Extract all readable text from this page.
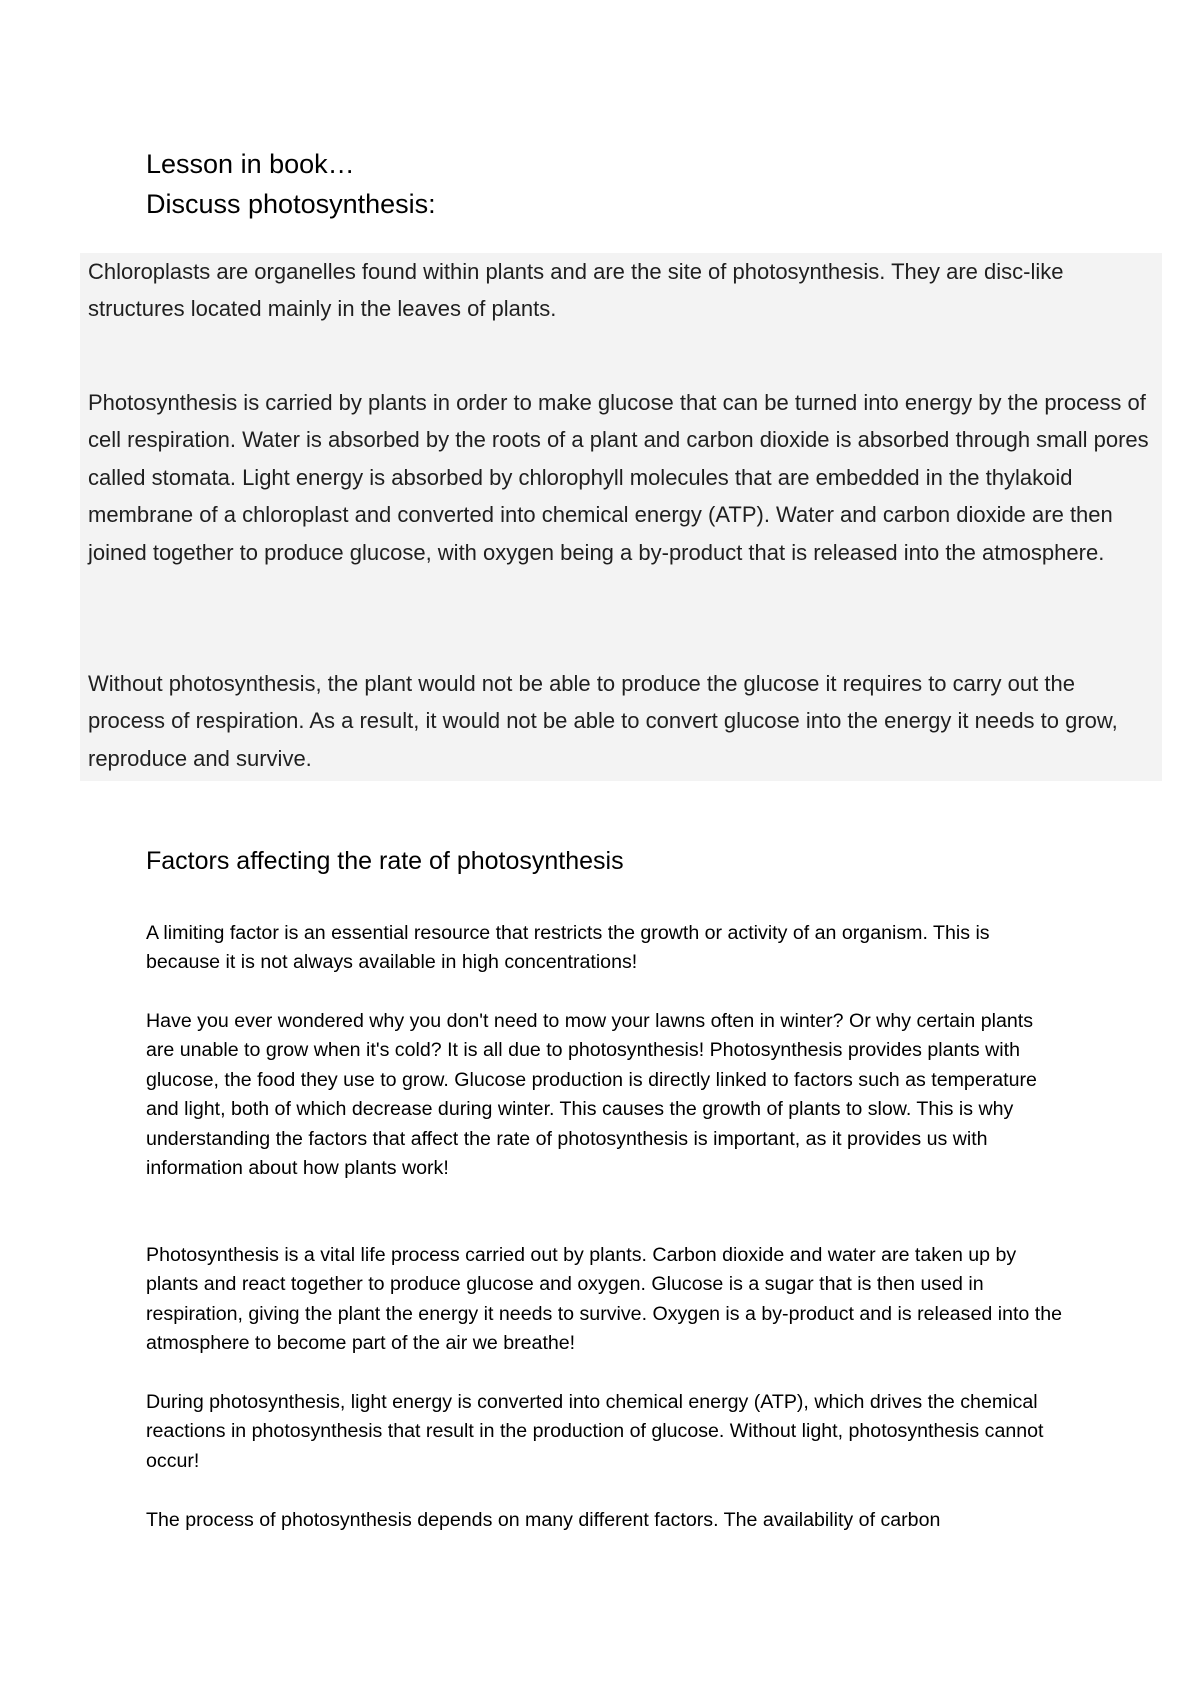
Lesson in book…

Discuss photosynthesis:

Chloroplasts are organelles found within plants and are the site of photosynthesis. They are disc-like structures located mainly in the leaves of plants.

Photosynthesis is carried by plants in order to make glucose that can be turned into energy by the process of cell respiration. Water is absorbed by the roots of a plant and carbon dioxide is absorbed through small pores called stomata. Light energy is absorbed by chlorophyll molecules that are embedded in the thylakoid membrane of a chloroplast and converted into chemical energy (ATP). Water and carbon dioxide are then joined together to produce glucose, with oxygen being a by-product that is released into the atmosphere.

Without photosynthesis, the plant would not be able to produce the glucose it requires to carry out the process of respiration. As a result, it would not be able to convert glucose into the energy it needs to grow, reproduce and survive.

Factors affecting the rate of photosynthesis

A limiting factor is an essential resource that restricts the growth or activity of an organism. This is because it is not always available in high concentrations!

Have you ever wondered why you don't need to mow your lawns often in winter? Or why certain plants are unable to grow when it's cold? It is all due to photosynthesis! Photosynthesis provides plants with glucose, the food they use to grow. Glucose production is directly linked to factors such as temperature and light, both of which decrease during winter. This causes the growth of plants to slow. This is why understanding the factors that affect the rate of photosynthesis is important, as it provides us with information about how plants work!

Photosynthesis is a vital life process carried out by plants. Carbon dioxide and water are taken up by plants and react together to produce glucose and oxygen. Glucose is a sugar that is then used in respiration, giving the plant the energy it needs to survive. Oxygen is a by-product and is released into the atmosphere to become part of the air we breathe!

During photosynthesis, light energy is converted into chemical energy (ATP), which drives the chemical reactions in photosynthesis that result in the production of glucose. Without light, photosynthesis cannot occur!

The process of photosynthesis depends on many different factors. The availability of carbon
